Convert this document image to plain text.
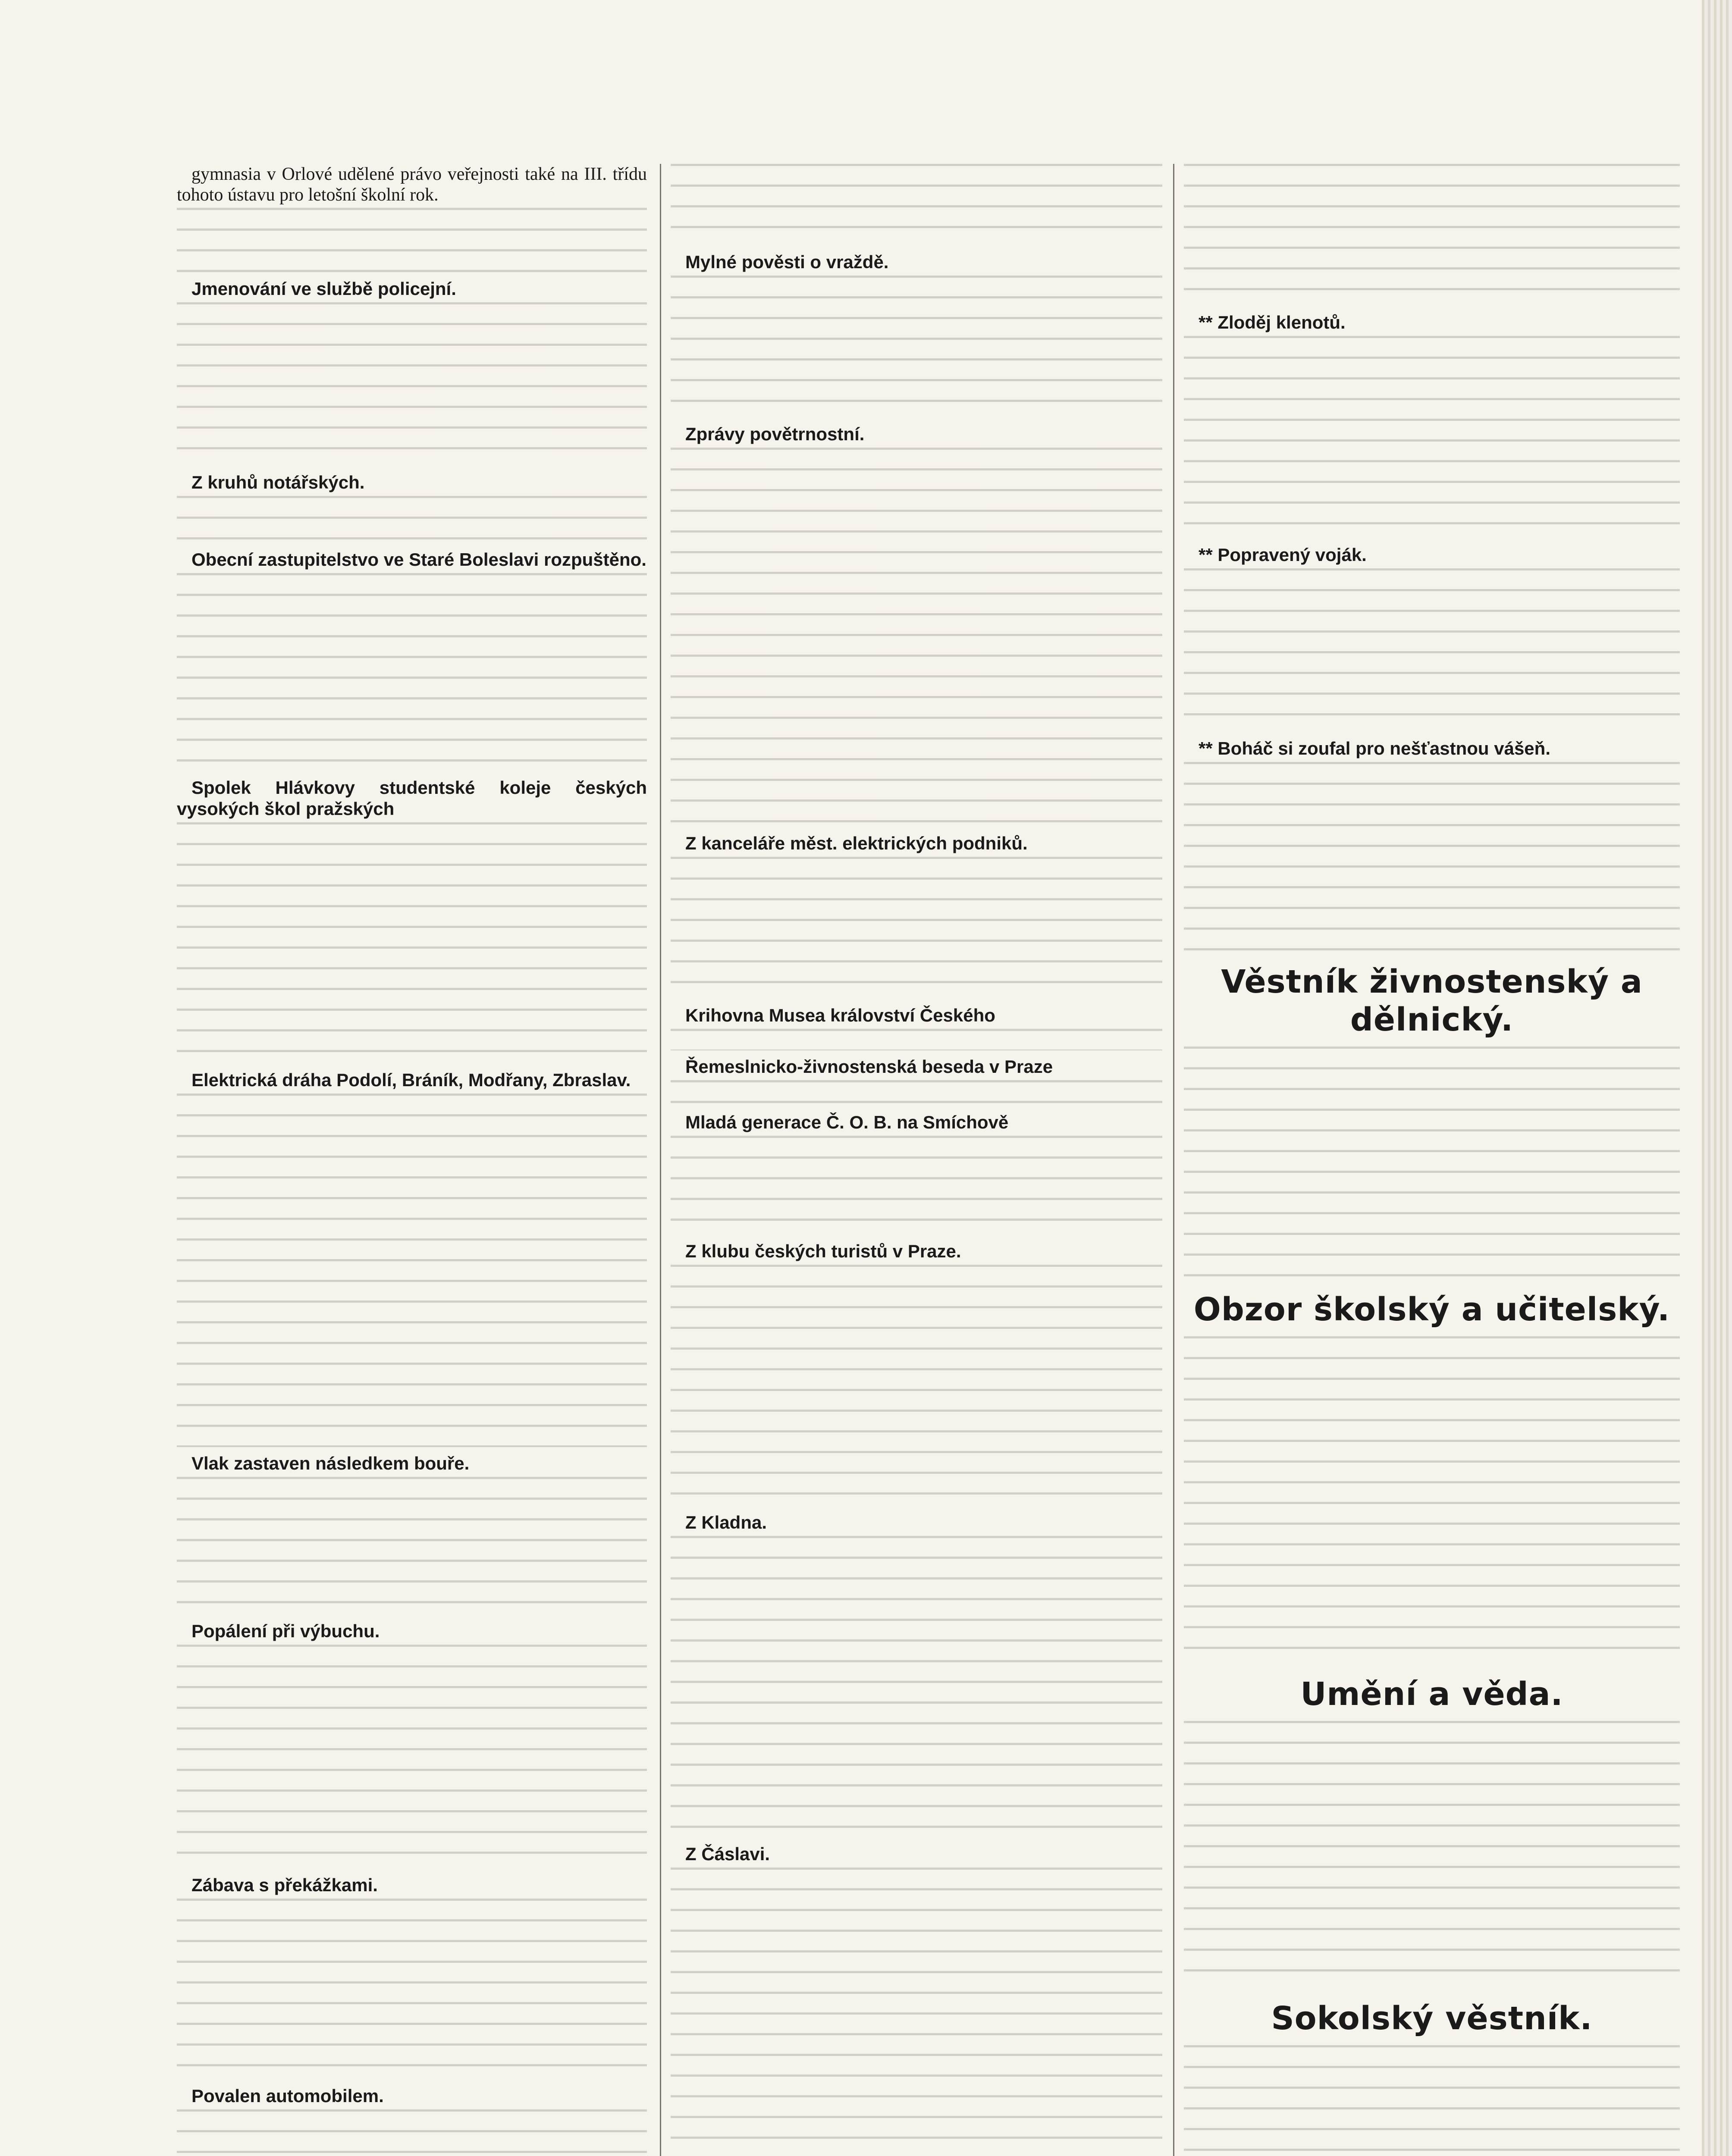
gymnasia v Orlové udělené právo veřejnosti také na III. třídu tohoto ústavu pro letošní školní rok.

Jmenování ve službě policejní.

Z kruhů notářských.

Obecní zastupitelstvo ve Staré Boleslavi rozpuštěno.

Spolek Hlávkovy studentské koleje českých vysokých škol pražských

Elektrická dráha Podolí, Bráník, Modřany, Zbraslav.

Vlak zastaven následkem bouře.

Popálení při výbuchu.

Zábava s překážkami.

Povalen automobilem.

Mylné pověsti o vraždě.

Zprávy povětrnostní.

Z kanceláře měst. elektrických podniků.

Krihovna Musea království Českého

Řemeslnicko-živnostenská beseda v Praze

Mladá generace Č. O. B. na Smíchově

Z klubu českých turistů v Praze.

Z Kladna.

Z Čáslavi.

** Zloděj klenotů.

** Popravený voják.

** Boháč si zoufal pro nešťastnou vášeň.

Věstník živnostenský a dělnický.
Obzor školský a učitelský.
Umění a věda.
Sokolský věstník.
